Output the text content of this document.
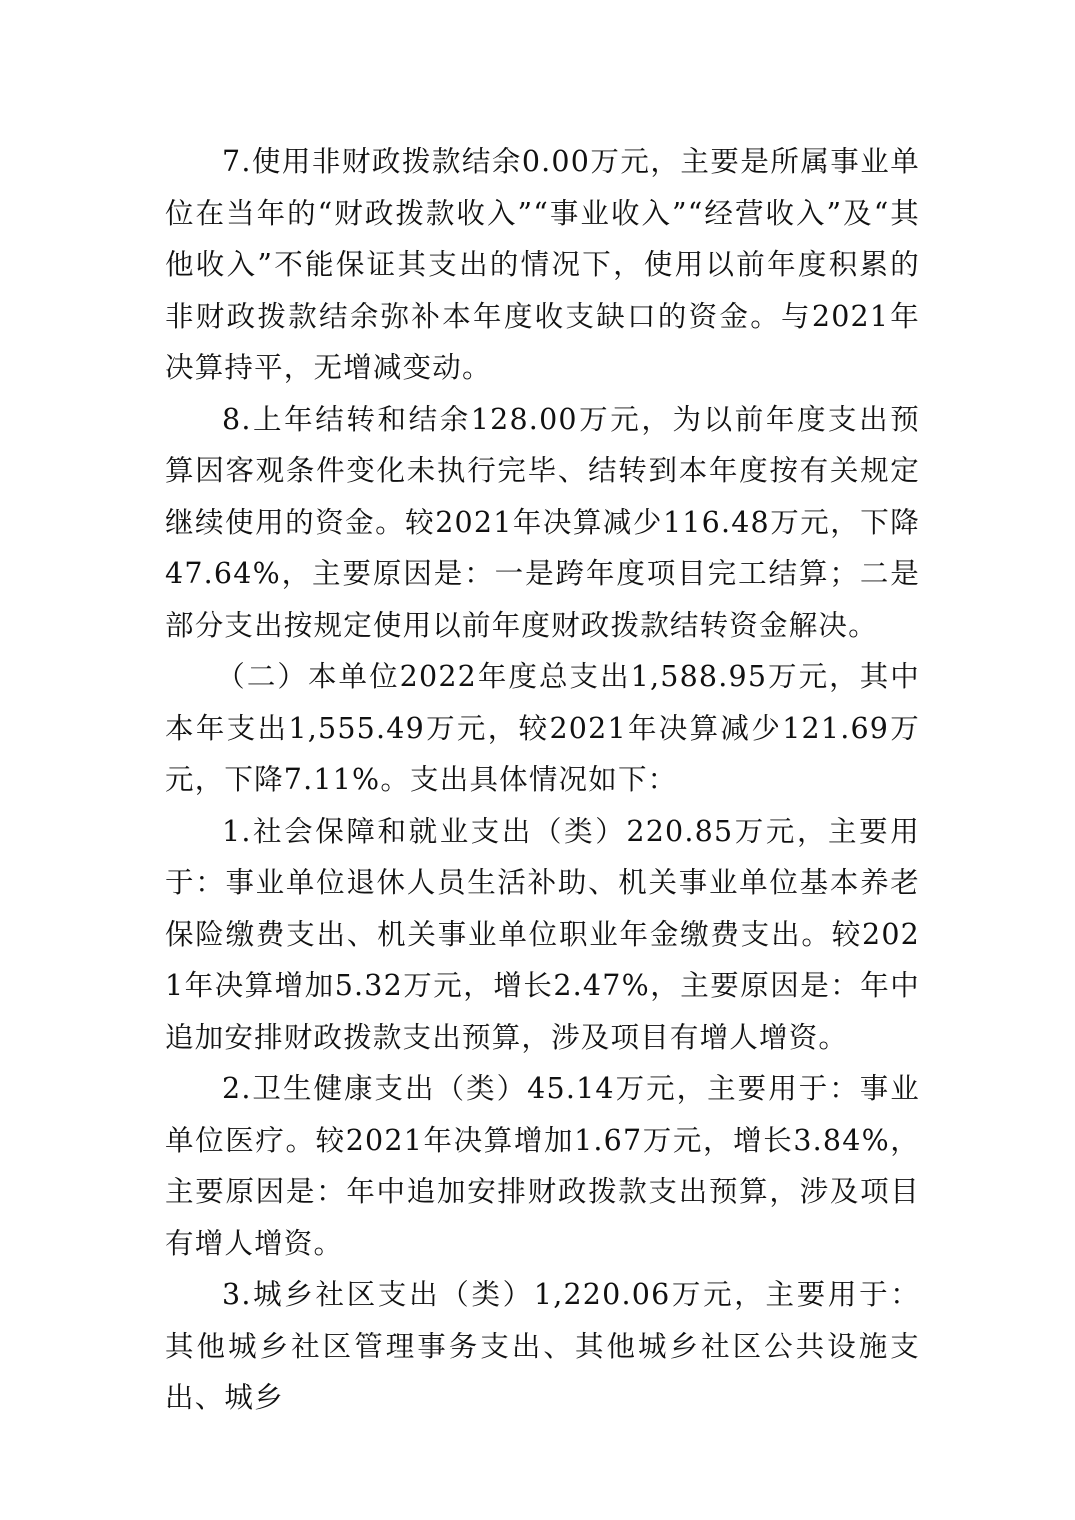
7.使用非财政拨款结余0.00万元，主要是所属事业单位在当年的“财政拨款收入”“事业收入”“经营收入”及“其他收入”不能保证其支出的情况下，使用以前年度积累的非财政拨款结余弥补本年度收支缺口的资金。与2021年决算持平，无增减变动。

8.上年结转和结余128.00万元，为以前年度支出预算因客观条件变化未执行完毕、结转到本年度按有关规定继续使用的资金。较2021年决算减少116.48万元，下降47.64%，主要原因是：一是跨年度项目完工结算；二是部分支出按规定使用以前年度财政拨款结转资金解决。

（二）本单位2022年度总支出1,588.95万元，其中本年支出1,555.49万元，较2021年决算减少121.69万元，下降7.11%。支出具体情况如下：

1.社会保障和就业支出（类）220.85万元，主要用于：事业单位退休人员生活补助、机关事业单位基本养老保险缴费支出、机关事业单位职业年金缴费支出。较2021年决算增加5.32万元，增长2.47%，主要原因是：年中追加安排财政拨款支出预算，涉及项目有增人增资。

2.卫生健康支出（类）45.14万元，主要用于：事业单位医疗。较2021年决算增加1.67万元，增长3.84%，主要原因是：年中追加安排财政拨款支出预算，涉及项目有增人增资。

3.城乡社区支出（类）1,220.06万元，主要用于：其他城乡社区管理事务支出、其他城乡社区公共设施支出、城乡
